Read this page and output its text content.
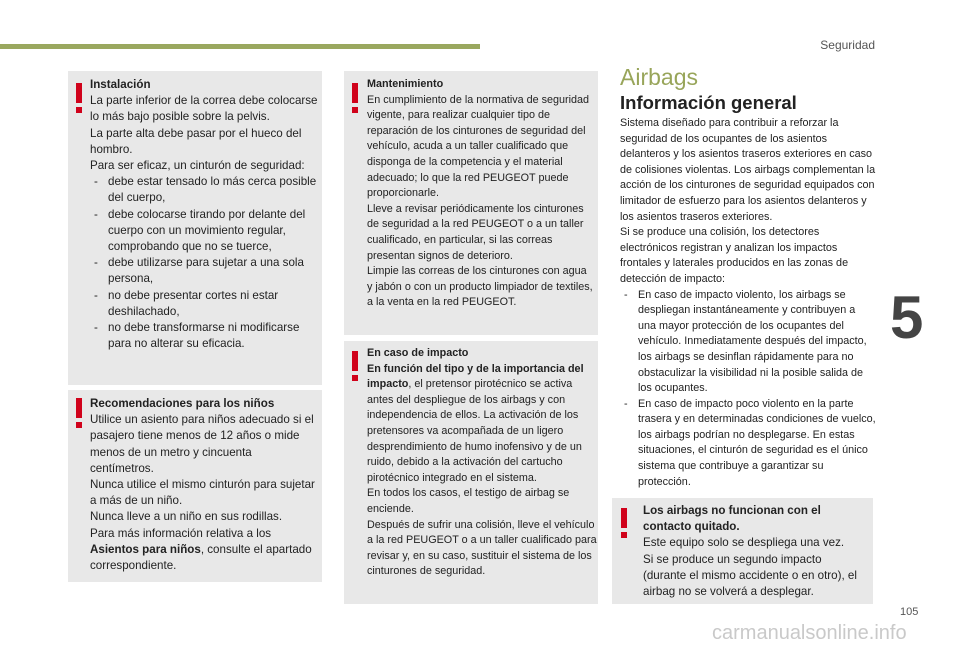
Seguridad
5
105
carmanualsonline.info
Instalación
La parte inferior de la correa debe colocarse lo más bajo posible sobre la pelvis.
La parte alta debe pasar por el hueco del hombro.
Para ser eficaz, un cinturón de seguridad:
- debe estar tensado lo más cerca posible del cuerpo,
- debe colocarse tirando por delante del cuerpo con un movimiento regular, comprobando que no se tuerce,
- debe utilizarse para sujetar a una sola persona,
- no debe presentar cortes ni estar deshilachado,
- no debe transformarse ni modificarse para no alterar su eficacia.
Recomendaciones para los niños
Utilice un asiento para niños adecuado si el pasajero tiene menos de 12 años o mide menos de un metro y cincuenta centímetros.
Nunca utilice el mismo cinturón para sujetar a más de un niño.
Nunca lleve a un niño en sus rodillas.
Para más información relativa a los Asientos para niños, consulte el apartado correspondiente.
Mantenimiento
En cumplimiento de la normativa de seguridad vigente, para realizar cualquier tipo de reparación de los cinturones de seguridad del vehículo, acuda a un taller cualificado que disponga de la competencia y el material adecuado; lo que la red PEUGEOT puede proporcionarle.
Lleve a revisar periódicamente los cinturones de seguridad a la red PEUGEOT o a un taller cualificado, en particular, si las correas presentan signos de deterioro.
Limpie las correas de los cinturones con agua y jabón o con un producto limpiador de textiles, a la venta en la red PEUGEOT.
En caso de impacto
En función del tipo y de la importancia del impacto, el pretensor pirotécnico se activa antes del despliegue de los airbags y con independencia de ellos. La activación de los pretensores va acompañada de un ligero desprendimiento de humo inofensivo y de un ruido, debido a la activación del cartucho pirotécnico integrado en el sistema.
En todos los casos, el testigo de airbag se enciende.
Después de sufrir una colisión, lleve el vehículo a la red PEUGEOT o a un taller cualificado para revisar y, en su caso, sustituir el sistema de los cinturones de seguridad.
Airbags
Información general
Sistema diseñado para contribuir a reforzar la seguridad de los ocupantes de los asientos delanteros y los asientos traseros exteriores en caso de colisiones violentas. Los airbags complementan la acción de los cinturones de seguridad equipados con limitador de esfuerzo para los asientos delanteros y los asientos traseros exteriores.
Si se produce una colisión, los detectores electrónicos registran y analizan los impactos frontales y laterales producidos en las zonas de detección de impacto:
- En caso de impacto violento, los airbags se despliegan instantáneamente y contribuyen a una mayor protección de los ocupantes del vehículo. Inmediatamente después del impacto, los airbags se desinflan rápidamente para no obstaculizar la visibilidad ni la posible salida de los ocupantes.
- En caso de impacto poco violento en la parte trasera y en determinadas condiciones de vuelco, los airbags podrían no desplegarse. En estas situaciones, el cinturón de seguridad es el único sistema que contribuye a garantizar su protección.
Los airbags no funcionan con el contacto quitado.
Este equipo solo se despliega una vez.
Si se produce un segundo impacto (durante el mismo accidente o en otro), el airbag no se volverá a desplegar.
